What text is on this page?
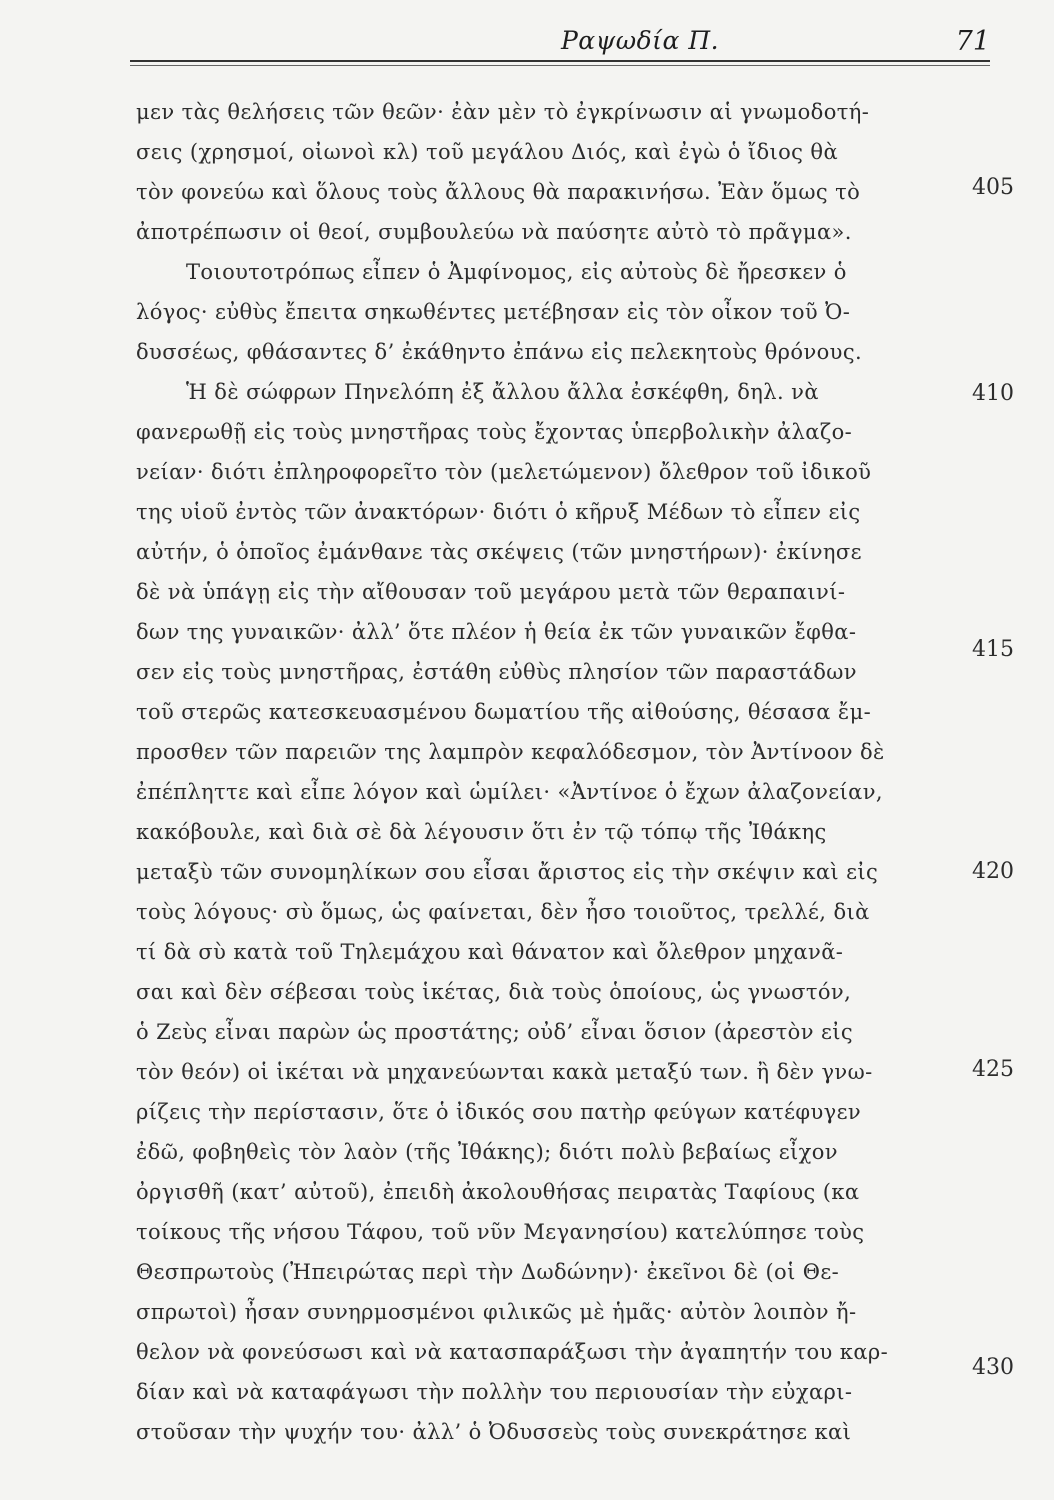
Ραψωδία Π.	71
μεν τὰς θελήσεις τῶν θεῶν· ἐὰν μὲν τὸ ἐγκρίνωσιν αἱ γνωμοδοτή-
σεις (χρησμοί, οἰωνοὶ κλ) τοῦ μεγάλου Διός, καὶ ἐγὼ ὁ ἴδιος θὰ
τὸν φονεύω καὶ ὅλους τοὺς ἄλλους θὰ παρακινήσω. Ἐὰν ὅμως τὸ
ἀποτρέπωσιν οἱ θεοί, συμβουλεύω νὰ παύσητε αὐτὸ τὸ πρᾶγμα».
Τοιουτοτρόπως εἶπεν ὁ Ἀμφίνομος, εἰς αὐτοὺς δὲ ἤρεσκεν ὁ
λόγος· εὐθὺς ἔπειτα σηκωθέντες μετέβησαν εἰς τὸν οἶκον τοῦ Ὀ-
δυσσέως, φθάσαντες δ’ ἐκάθηντο ἐπάνω εἰς πελεκητοὺς θρόνους.
Ἡ δὲ σώφρων Πηνελόπη ἐξ ἄλλου ἄλλα ἐσκέφθη, δηλ. νὰ
φανερωθῇ εἰς τοὺς μνηστῆρας τοὺς ἔχοντας ὑπερβολικὴν ἀλαζο-
νείαν· διότι ἐπληροφορεῖτο τὸν (μελετώμενον) ὄλεθρον τοῦ ἰδικοῦ
της υἱοῦ ἐντὸς τῶν ἀνακτόρων· διότι ὁ κῆρυξ Μέδων τὸ εἶπεν εἰς
αὐτήν, ὁ ὁποῖος ἐμάνθανε τὰς σκέψεις (τῶν μνηστήρων)· ἐκίνησε
δὲ νὰ ὑπάγῃ εἰς τὴν αἴθουσαν τοῦ μεγάρου μετὰ τῶν θεραπαινί-
δων της γυναικῶν· ἀλλ’ ὅτε πλέον ἡ θεία ἐκ τῶν γυναικῶν ἔφθα-
σεν εἰς τοὺς μνηστῆρας, ἐστάθη εὐθὺς πλησίον τῶν παραστάδων
τοῦ στερῶς κατεσκευασμένου δωματίου τῆς αἰθούσης, θέσασα ἔμ-
προσθεν τῶν παρειῶν της λαμπρὸν κεφαλόδεσμον, τὸν Ἀντίνοον δὲ
ἐπέπληττε καὶ εἶπε λόγον καὶ ὡμίλει· «Ἀντίνοε ὁ ἔχων ἀλαζονείαν,
κακόβουλε, καὶ διὰ σὲ δὰ λέγουσιν ὅτι ἐν τῷ τόπῳ τῆς Ἰθάκης
μεταξὺ τῶν συνομηλίκων σου εἶσαι ἄριστος εἰς τὴν σκέψιν καὶ εἰς
τοὺς λόγους· σὺ ὅμως, ὡς φαίνεται, δὲν ἦσο τοιοῦτος, τρελλέ, διὰ
τί δὰ σὺ κατὰ τοῦ Τηλεμάχου καὶ θάνατον καὶ ὄλεθρον μηχανᾶ-
σαι καὶ δὲν σέβεσαι τοὺς ἱκέτας, διὰ τοὺς ὁποίους, ὡς γνωστόν,
ὁ Ζεὺς εἶναι παρὼν ὡς προστάτης; οὐδ’ εἶναι ὅσιον (ἀρεστὸν εἰς
τὸν θεόν) οἱ ἱκέται νὰ μηχανεύωνται κακὰ μεταξύ των. ἢ δὲν γνω-
ρίζεις τὴν περίστασιν, ὅτε ὁ ἰδικός σου πατὴρ φεύγων κατέφυγεν
ἐδῶ, φοβηθεὶς τὸν λαὸν (τῆς Ἰθάκης); διότι πολὺ βεβαίως εἶχον
ὀργισθῆ (κατ’ αὐτοῦ), ἐπειδὴ ἀκολουθήσας πειρατὰς Ταφίους (κα
τοίκους τῆς νήσου Τάφου, τοῦ νῦν Μεγανησίου) κατελύπησε τοὺς
Θεσπρωτοὺς (Ἠπειρώτας περὶ τὴν Δωδώνην)· ἐκεῖνοι δὲ (οἱ Θε-
σπρωτοὶ) ἦσαν συνηρμοσμένοι φιλικῶς μὲ ἡμᾶς· αὐτὸν λοιπὸν ἤ-
θελον νὰ φονεύσωσι καὶ νὰ κατασπαράξωσι τὴν ἀγαπητήν του καρ-
δίαν καὶ νὰ καταφάγωσι τὴν πολλὴν του περιουσίαν τὴν εὐχαρι-
στοῦσαν τὴν ψυχήν του· ἀλλ’ ὁ Ὀδυσσεὺς τοὺς συνεκράτησε καὶ
405
410
415
420
425
430
